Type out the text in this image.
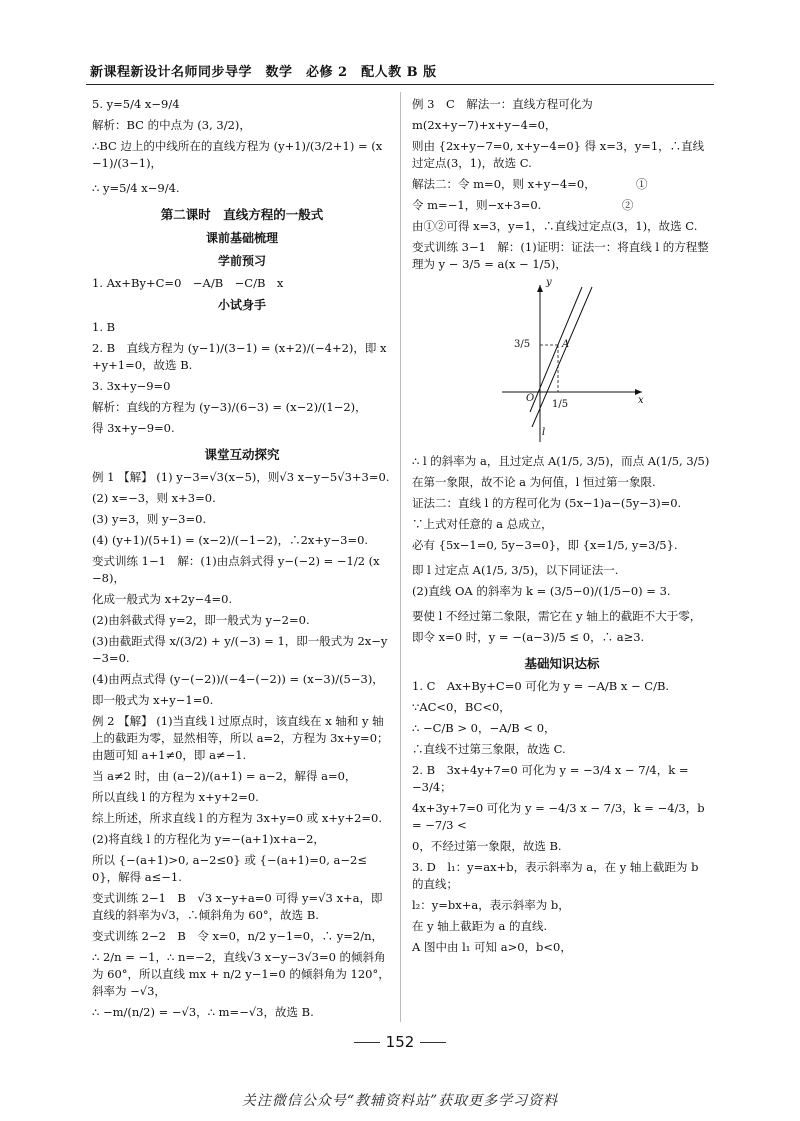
新课程新设计名师同步导学　数学　必修 2　配人教 B 版
5. y=5/4 x−9/4
解析：BC 的中点为 (3, 3/2)，
∴BC 边上的中线所在的直线方程为 (y+1)/(3/2+1) = (x−1)/(3−1)，
∴ y=5/4 x−9/4.
第二课时　直线方程的一般式
课前基础梳理
学前预习
1. Ax+By+C=0　−A/B　−C/B　x
小试身手
1. B
2. B　直线方程为 (y−1)/(3−1) = (x+2)/(−4+2)，即 x+y+1=0，故选 B.
3. 3x+y−9=0
解析：直线的方程为 (y−3)/(6−3) = (x−2)/(1−2)，
得 3x+y−9=0.
课堂互动探究
例 1 【解】 (1) y−3=√3(x−5)，则√3 x−y−5√3+3=0.
(2) x=−3，则 x+3=0.
(3) y=3，则 y−3=0.
(4) (y+1)/(5+1) = (x−2)/(−1−2)，∴2x+y−3=0.
变式训练 1−1　解：(1)由点斜式得 y−(−2) = −1/2 (x−8)，
化成一般式为 x+2y−4=0.
(2)由斜截式得 y=2，即一般式为 y−2=0.
(3)由截距式得 x/(3/2) + y/(−3) = 1，即一般式为 2x−y−3=0.
(4)由两点式得 (y−(−2))/(−4−(−2)) = (x−3)/(5−3)，
即一般式为 x+y−1=0.
例 2 【解】 (1)当直线 l 过原点时，该直线在 x 轴和 y 轴上的截距为零，显然相等，所以 a=2，方程为 3x+y=0；由题可知 a+1≠0，即 a≠−1.
当 a≠2 时，由 (a−2)/(a+1) = a−2，解得 a=0，
所以直线 l 的方程为 x+y+2=0.
综上所述，所求直线 l 的方程为 3x+y=0 或 x+y+2=0.
(2)将直线 l 的方程化为 y=−(a+1)x+a−2，
所以 {−(a+1)>0, a−2≤0} 或 {−(a+1)=0, a−2≤0}，解得 a≤−1.
变式训练 2−1　B　√3 x−y+a=0 可得 y=√3 x+a，即直线的斜率为√3，∴倾斜角为 60°，故选 B.
变式训练 2−2　B　令 x=0，n/2 y−1=0，∴ y=2/n，
∴ 2/n = −1，∴ n=−2，直线√3 x−y−3√3=0 的倾斜角为 60°，所以直线 mx + n/2 y−1=0 的倾斜角为 120°，斜率为 −√3，
∴ −m/(n/2) = −√3，∴ m=−√3，故选 B.
例 3　C　解法一：直线方程可化为
m(2x+y−7)+x+y−4=0，
则由 {2x+y−7=0, x+y−4=0} 得 x=3，y=1，∴直线过定点(3，1)，故选 C.
解法二：令 m=0，则 x+y−4=0，　　　　①
令 m=−1，则−x+3=0.　　　　　　　②
由①②可得 x=3，y=1，∴直线过定点(3，1)，故选 C.
变式训练 3−1　解：(1)证明：证法一：将直线 l 的方程整理为 y − 3/5 = a(x − 1/5)，
y
x
O
A
l
3/5
1/5
∴ l 的斜率为 a，且过定点 A(1/5, 3/5)，而点 A(1/5, 3/5)
在第一象限，故不论 a 为何值，l 恒过第一象限.
证法二：直线 l 的方程可化为 (5x−1)a−(5y−3)=0.
∵上式对任意的 a 总成立，
必有 {5x−1=0, 5y−3=0}，即 {x=1/5, y=3/5}.
即 l 过定点 A(1/5, 3/5)，以下同证法一.
(2)直线 OA 的斜率为 k = (3/5−0)/(1/5−0) = 3.
要使 l 不经过第二象限，需它在 y 轴上的截距不大于零，
即令 x=0 时，y = −(a−3)/5 ≤ 0，∴ a≥3.
基础知识达标
1. C　Ax+By+C=0 可化为 y = −A/B x − C/B.
∵AC<0，BC<0，
∴ −C/B > 0，−A/B < 0，
∴直线不过第三象限，故选 C.
2. B　3x+4y+7=0 可化为 y = −3/4 x − 7/4，k = −3/4；
4x+3y+7=0 可化为 y = −4/3 x − 7/3，k = −4/3，b = −7/3 <
0，不经过第一象限，故选 B.
3. D　l₁：y=ax+b，表示斜率为 a，在 y 轴上截距为 b 的直线；
l₂：y=bx+a，表示斜率为 b，
在 y 轴上截距为 a 的直线.
A 图中由 l₁ 可知 a>0，b<0，
152
关注微信公众号“教辅资料站”获取更多学习资料
